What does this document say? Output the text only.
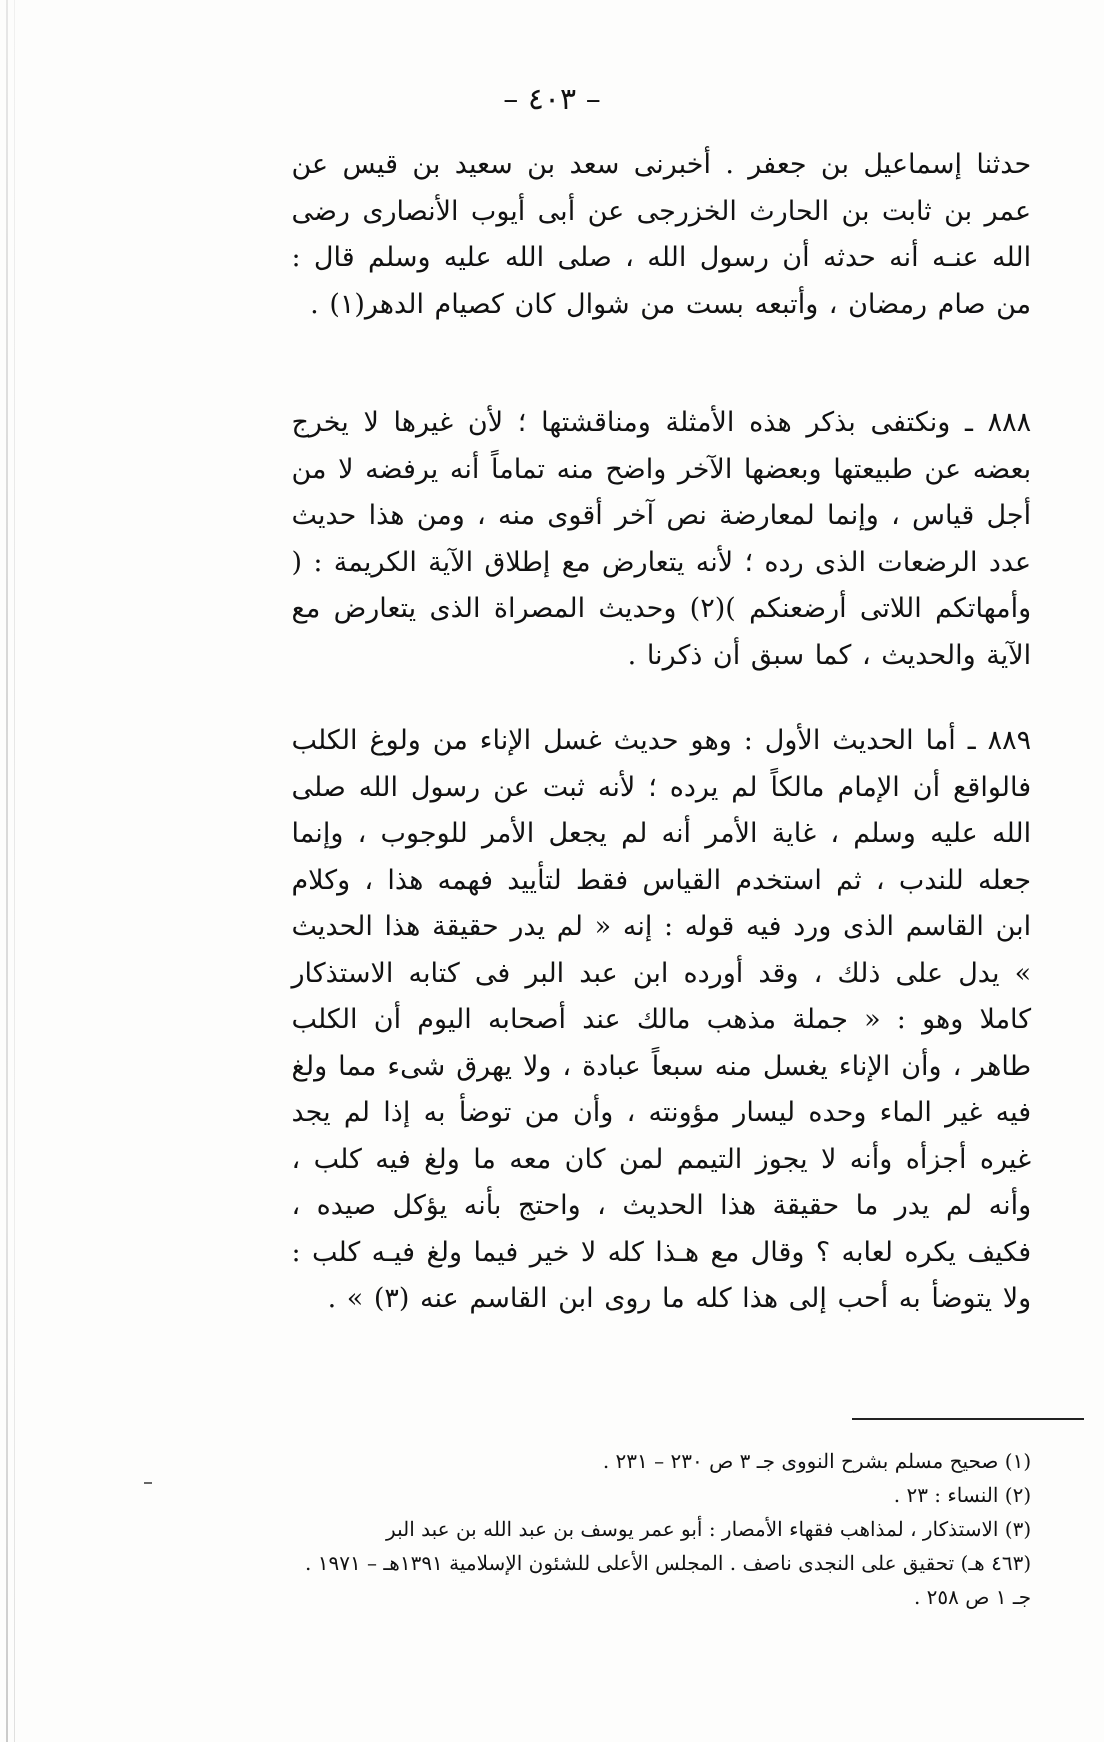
– ٤٠٣ –

حدثنا إسماعيل بن جعفر . أخبرنى سعد بن سعيد بن قيس عن عمر بن ثابت بن الحارث الخزرجى عن أبى أيوب الأنصارى رضى الله عنـه أنه حدثه أن رسول الله ، صلى الله عليه وسلم قال : من صام رمضان ، وأتبعه بست من شوال كان كصيام الدهر(١) .

٨٨٨ ـ ونكتفى بذكر هذه الأمثلة ومناقشتها ؛ لأن غيرها لا يخرج بعضه عن طبيعتها وبعضها الآخر واضح منه تماماً أنه يرفضه لا من أجل قياس ، وإنما لمعارضة نص آخر أقوى منه ، ومن هذا حديث عدد الرضعات الذى رده ؛ لأنه يتعارض مع إطلاق الآية الكريمة : ( وأمهاتكم اللاتى أرضعنكم )(٢) وحديث المصراة الذى يتعارض مع الآية والحديث ، كما سبق أن ذكرنا .

٨٨٩ ـ أما الحديث الأول : وهو حديث غسل الإناء من ولوغ الكلب فالواقع أن الإمام مالكاً لم يرده ؛ لأنه ثبت عن رسول الله صلى الله عليه وسلم ، غاية الأمر أنه لم يجعل الأمر للوجوب ، وإنما جعله للندب ، ثم استخدم القياس فقط لتأييد فهمه هذا ، وكلام ابن القاسم الذى ورد فيه قوله : إنه « لم يدر حقيقة هذا الحديث » يدل على ذلك ، وقد أورده ابن عبد البر فى كتابه الاستذكار كاملا وهو : « جملة مذهب مالك عند أصحابه اليوم أن الكلب طاهر ، وأن الإناء يغسل منه سبعاً عبادة ، ولا يهرق شىء مما ولغ فيه غير الماء وحده ليسار مؤونته ، وأن من توضأ به إذا لم يجد غيره أجزأه وأنه لا يجوز التيمم لمن كان معه ما ولغ فيه كلب ، وأنه لم يدر ما حقيقة هذا الحديث ، واحتج بأنه يؤكل صيده ، فكيف يكره لعابه ؟ وقال مع هـذا كله لا خير فيما ولغ فيـه كلب : ولا يتوضأ به أحب إلى هذا كله ما روى ابن القاسم عنه (٣) » .

(١) صحيح مسلم بشرح النووى جـ ٣ ص ٢٣٠ – ٢٣١ .

(٢) النساء : ٢٣ .

(٣) الاستذكار ، لمذاهب فقهاء الأمصار : أبو عمر يوسف بن عبد الله بن عبد البر

(٤٦٣ هـ) تحقيق على النجدى ناصف . المجلس الأعلى للشئون الإسلامية ١٣٩١هـ – ١٩٧١ .

جـ ١ ص ٢٥٨ .
